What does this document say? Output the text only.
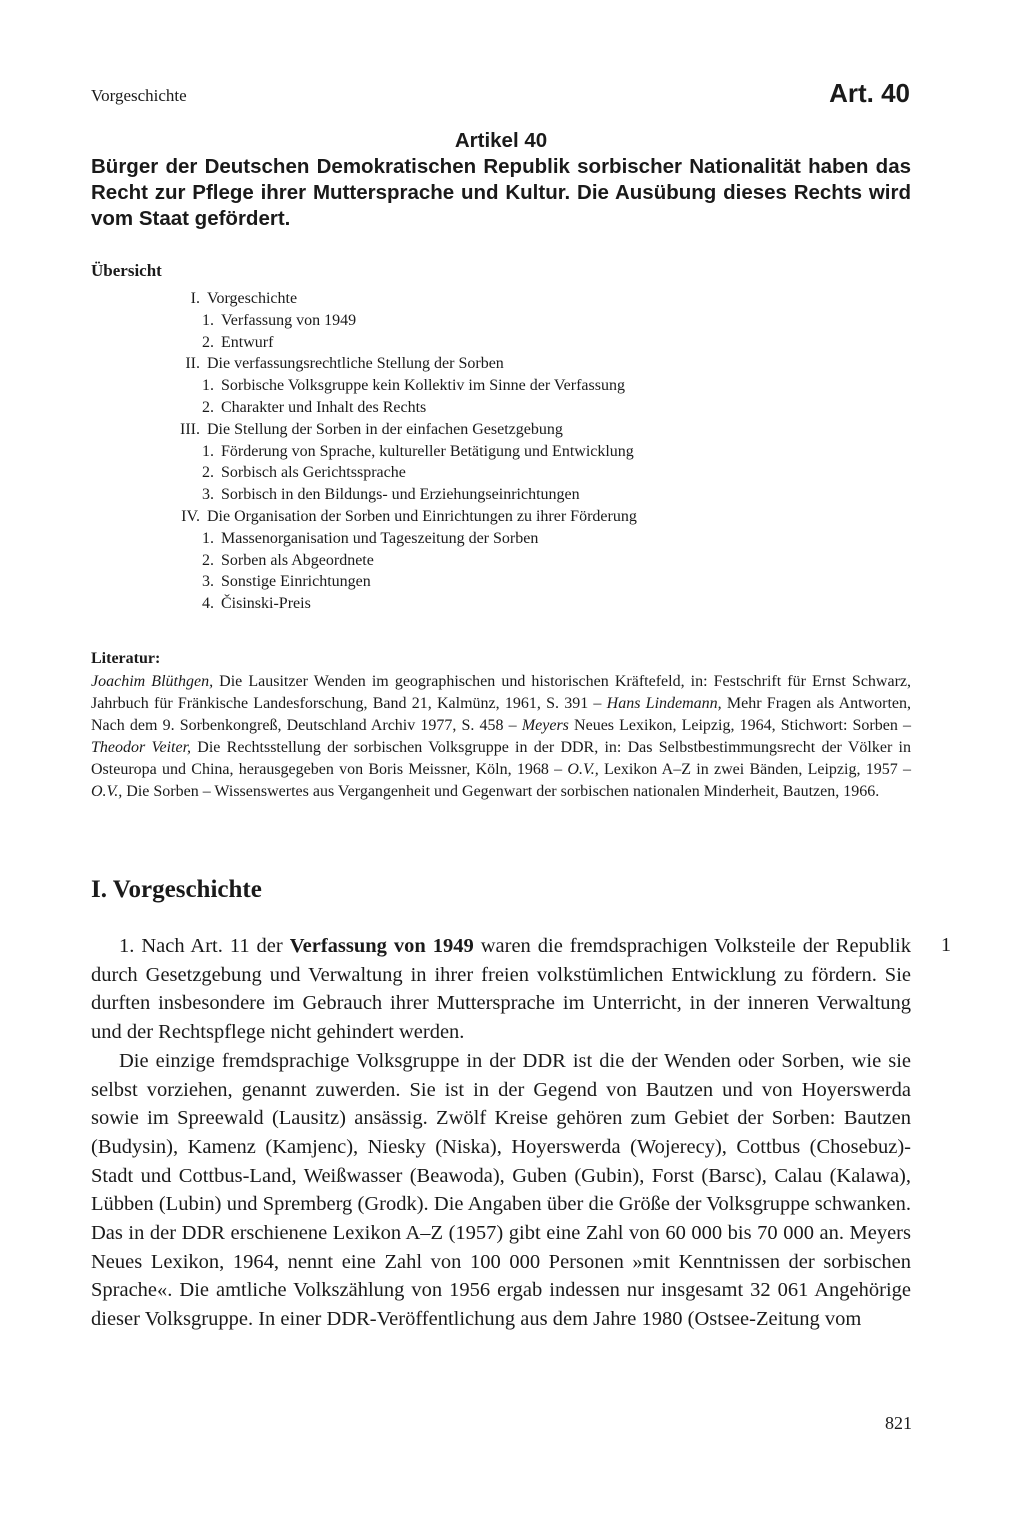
Vorgeschichte	Art. 40
Artikel 40
Bürger der Deutschen Demokratischen Republik sorbischer Nationalität haben das Recht zur Pflege ihrer Muttersprache und Kultur. Die Ausübung dieses Rechts wird vom Staat gefördert.
Übersicht
I. Vorgeschichte
1. Verfassung von 1949
2. Entwurf
II. Die verfassungsrechtliche Stellung der Sorben
1. Sorbische Volksgruppe kein Kollektiv im Sinne der Verfassung
2. Charakter und Inhalt des Rechts
III. Die Stellung der Sorben in der einfachen Gesetzgebung
1. Förderung von Sprache, kultureller Betätigung und Entwicklung
2. Sorbisch als Gerichtssprache
3. Sorbisch in den Bildungs- und Erziehungseinrichtungen
IV. Die Organisation der Sorben und Einrichtungen zu ihrer Förderung
1. Massenorganisation und Tageszeitung der Sorben
2. Sorben als Abgeordnete
3. Sonstige Einrichtungen
4. Čisinski-Preis
Literatur:
Joachim Blüthgen, Die Lausitzer Wenden im geographischen und historischen Kräftefeld, in: Festschrift für Ernst Schwarz, Jahrbuch für Fränkische Landesforschung, Band 21, Kalmünz, 1961, S. 391 – Hans Lindemann, Mehr Fragen als Antworten, Nach dem 9. Sorbenkongreß, Deutschland Archiv 1977, S. 458 – Meyers Neues Lexikon, Leipzig, 1964, Stichwort: Sorben – Theodor Veiter, Die Rechtsstellung der sorbischen Volksgruppe in der DDR, in: Das Selbstbestimmungsrecht der Völker in Osteuropa und China, herausgegeben von Boris Meissner, Köln, 1968 – O.V., Lexikon A–Z in zwei Bänden, Leipzig, 1957 – O.V., Die Sorben – Wissenswertes aus Vergangenheit und Gegenwart der sorbischen nationalen Minderheit, Bautzen, 1966.
I. Vorgeschichte
1

1. Nach Art. 11 der Verfassung von 1949 waren die fremdsprachigen Volksteile der Republik durch Gesetzgebung und Verwaltung in ihrer freien volkstümlichen Entwicklung zu fördern. Sie durften insbesondere im Gebrauch ihrer Muttersprache im Unterricht, in der inneren Verwaltung und der Rechtspflege nicht gehindert werden.

Die einzige fremdsprachige Volksgruppe in der DDR ist die der Wenden oder Sorben, wie sie selbst vorziehen, genannt zuwerden. Sie ist in der Gegend von Bautzen und von Hoyerswerda sowie im Spreewald (Lausitz) ansässig. Zwölf Kreise gehören zum Gebiet der Sorben: Bautzen (Budysin), Kamenz (Kamjenc), Niesky (Niska), Hoyerswerda (Wojerecy), Cottbus (Chosebuz)-Stadt und Cottbus-Land, Weißwasser (Beawoda), Guben (Gubin), Forst (Barsc), Calau (Kalawa), Lübben (Lubin) und Spremberg (Grodk). Die Angaben über die Größe der Volksgruppe schwanken. Das in der DDR erschienene Lexikon A–Z (1957) gibt eine Zahl von 60 000 bis 70 000 an. Meyers Neues Lexikon, 1964, nennt eine Zahl von 100 000 Personen »mit Kenntnissen der sorbischen Sprache«. Die amtliche Volkszählung von 1956 ergab indessen nur insgesamt 32 061 Angehörige dieser Volksgruppe. In einer DDR-Veröffentlichung aus dem Jahre 1980 (Ostsee-Zeitung vom

821
